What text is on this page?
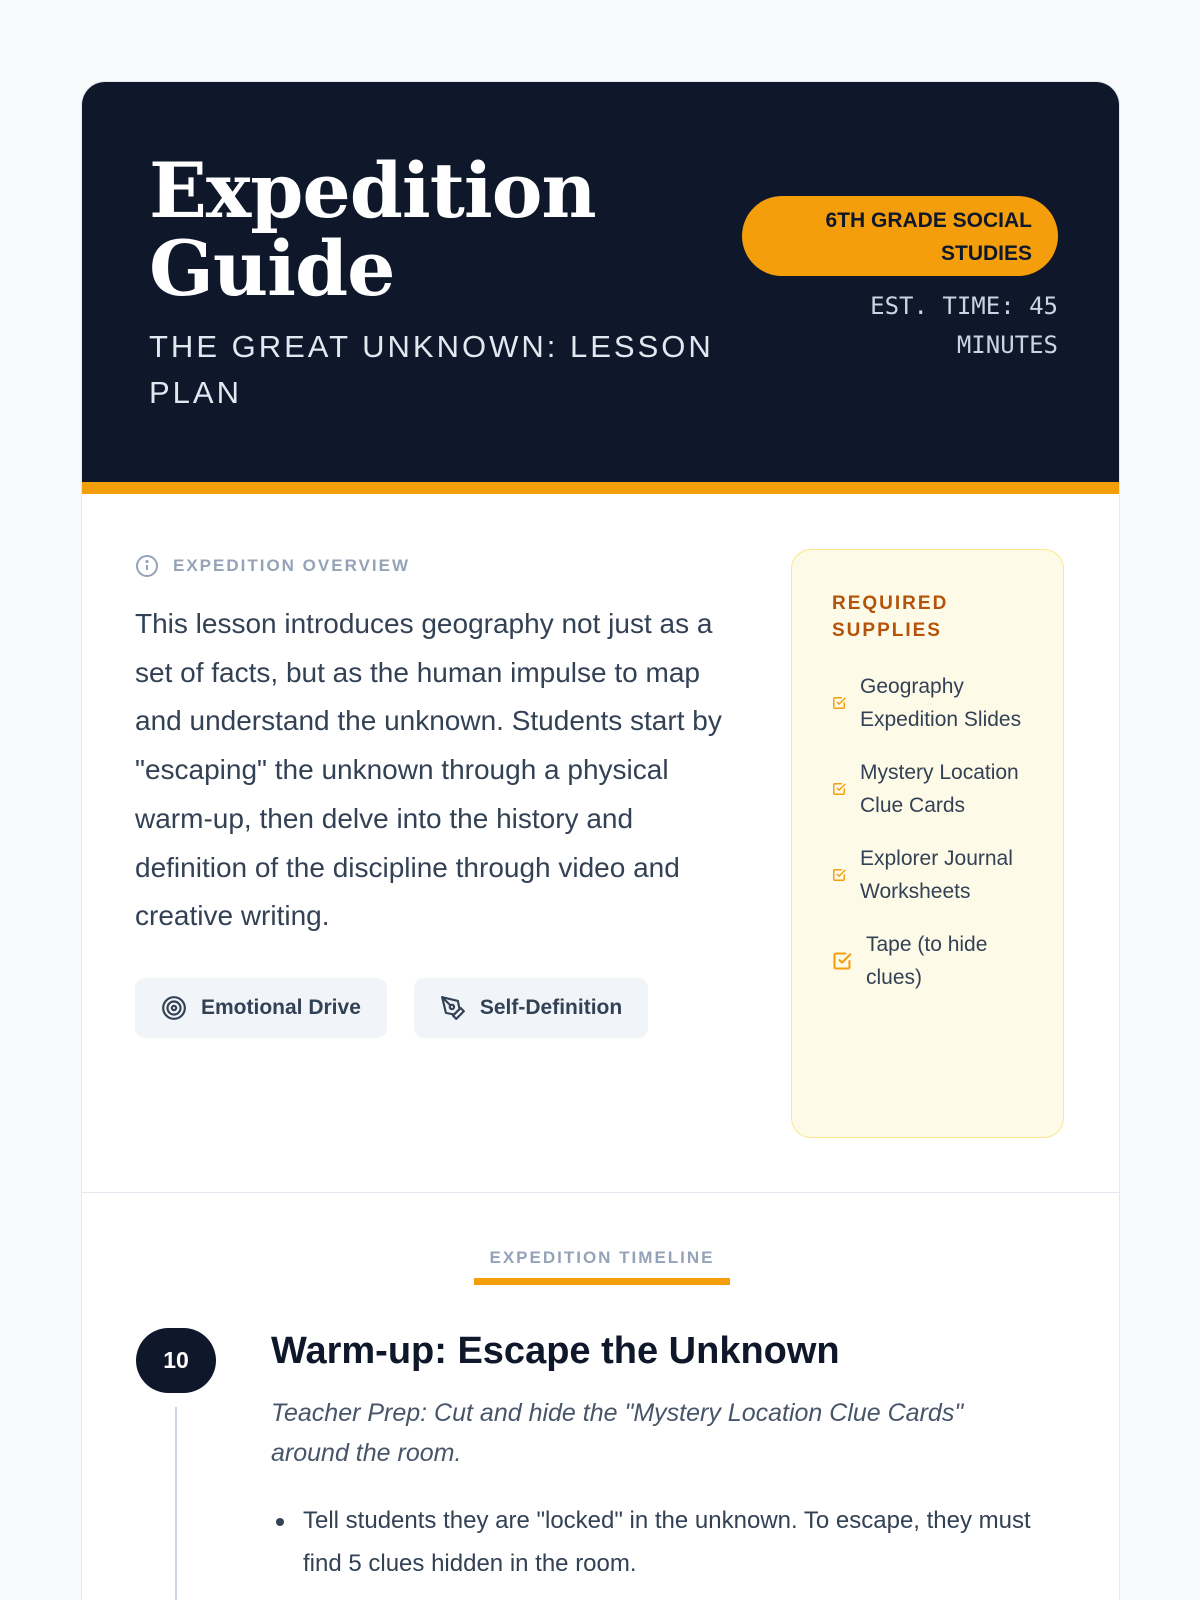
Expedition Guide
THE GREAT UNKNOWN: LESSON PLAN
6TH GRADE SOCIAL STUDIES
EST. TIME: 45 MINUTES
EXPEDITION OVERVIEW

This lesson introduces geography not just as a set of facts, but as the human impulse to map and understand the unknown. Students start by "escaping" the unknown through a physical warm-up, then delve into the history and definition of the discipline through video and creative writing.

Emotional Drive	Self-Definition
REQUIRED SUPPLIES
Geography Expedition Slides
Mystery Location Clue Cards
Explorer Journal Worksheets
Tape (to hide clues)
EXPEDITION TIMELINE
10	Warm-up: Escape the Unknown

Teacher Prep: Cut and hide the "Mystery Location Clue Cards" around the room.

Tell students they are "locked" in the unknown. To escape, they must find 5 clues hidden in the room.
